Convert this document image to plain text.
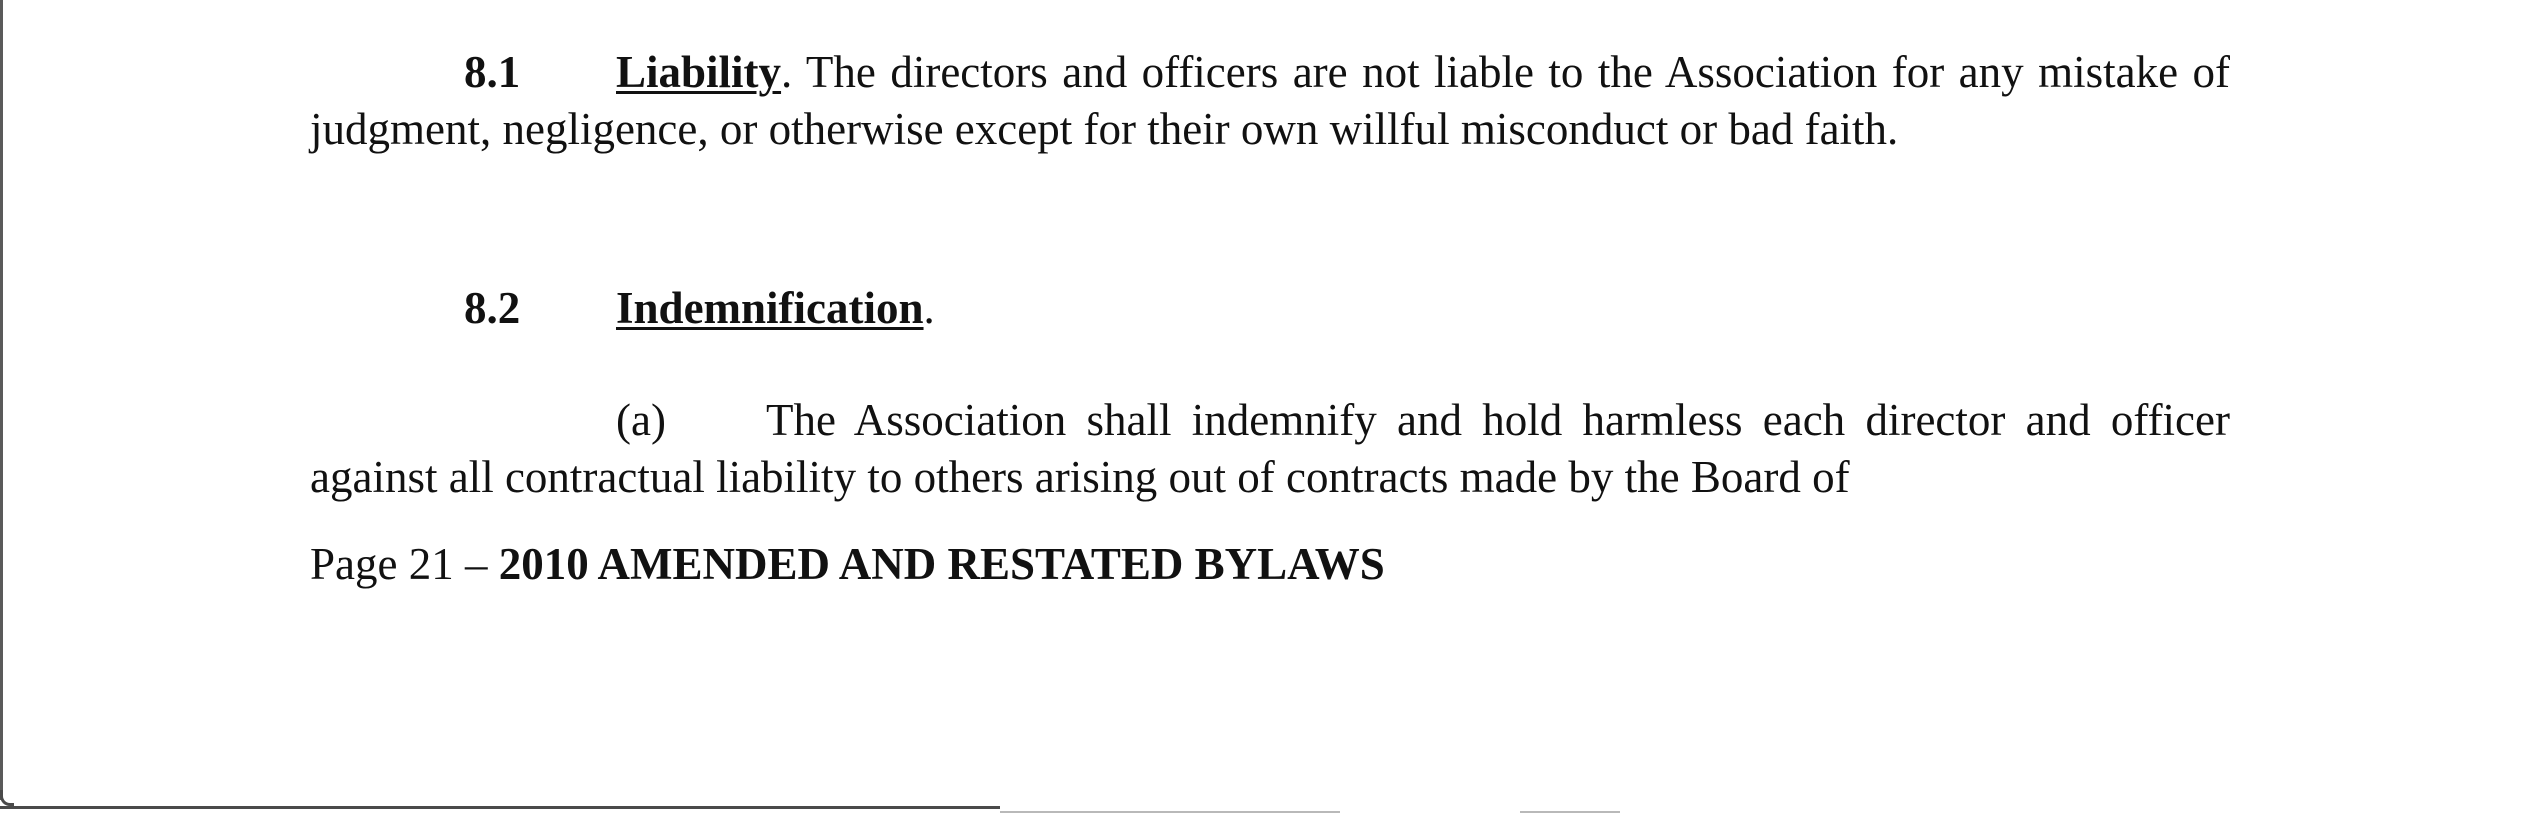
8.1 Liability. The directors and officers are not liable to the Association for any mistake of judgment, negligence, or otherwise except for their own willful misconduct or bad faith.
8.2 Indemnification.
(a) The Association shall indemnify and hold harmless each director and officer against all contractual liability to others arising out of contracts made by the Board of
Page 21 – 2010 AMENDED AND RESTATED BYLAWS
